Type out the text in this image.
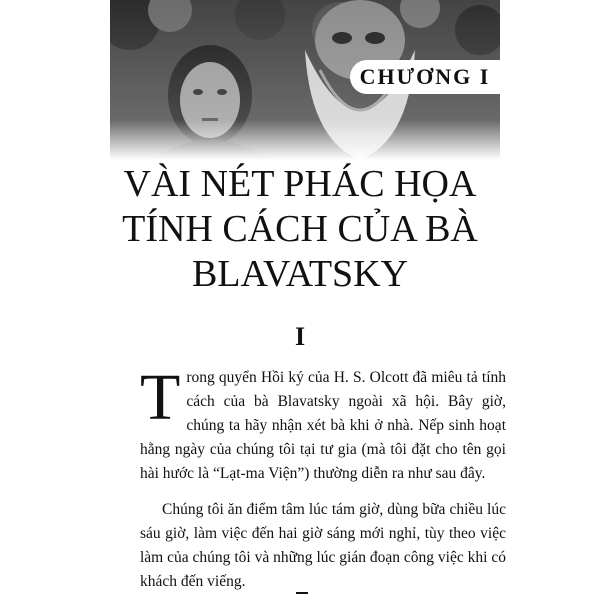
CHƯƠNG I
VÀI NÉT PHÁC HỌA
TÍNH CÁCH CỦA BÀ
BLAVATSKY
I

Trong quyển Hồi ký của H. S. Olcott đã miêu tả tính cách của bà Blavatsky ngoài xã hội. Bây giờ, chúng ta hãy nhận xét bà khi ở nhà. Nếp sinh hoạt hằng ngày của chúng tôi tại tư gia (mà tôi đặt cho tên gọi hài hước là “Lạt-ma Viện”) thường diễn ra như sau đây.

Chúng tôi ăn điểm tâm lúc tám giờ, dùng bữa chiều lúc sáu giờ, làm việc đến hai giờ sáng mới nghỉ, tùy theo việc làm của chúng tôi và những lúc gián đoạn công việc khi có khách đến viếng.
